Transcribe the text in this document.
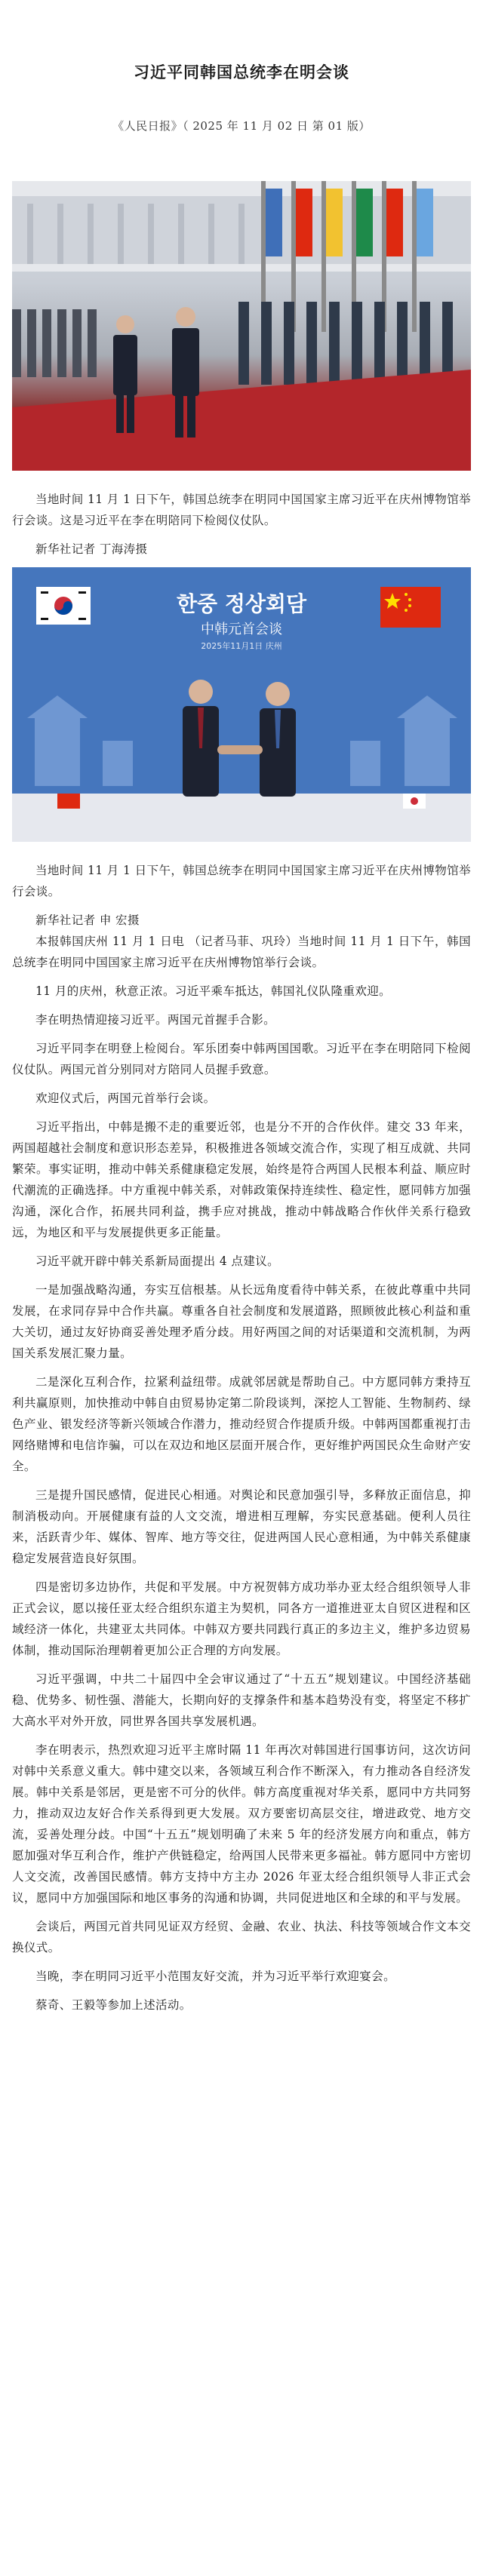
习近平同韩国总统李在明会谈
《人民日报》（ 2025 年 11 月 02 日 第 01 版）

当地时间 11 月 1 日下午，韩国总统李在明同中国国家主席习近平在庆州博物馆举行会谈。这是习近平在李在明陪同下检阅仪仗队。

新华社记者 丁海涛摄

한중 정상회담
中韩元首会谈
2025年11月1日 庆州

当地时间 11 月 1 日下午，韩国总统李在明同中国国家主席习近平在庆州博物馆举行会谈。

新华社记者 申 宏摄

本报韩国庆州 11 月 1 日电 （记者马菲、巩玲）当地时间 11 月 1 日下午，韩国总统李在明同中国国家主席习近平在庆州博物馆举行会谈。

11 月的庆州，秋意正浓。习近平乘车抵达，韩国礼仪队隆重欢迎。

李在明热情迎接习近平。两国元首握手合影。

习近平同李在明登上检阅台。军乐团奏中韩两国国歌。习近平在李在明陪同下检阅仪仗队。两国元首分别同对方陪同人员握手致意。

欢迎仪式后，两国元首举行会谈。

习近平指出，中韩是搬不走的重要近邻，也是分不开的合作伙伴。建交 33 年来，两国超越社会制度和意识形态差异，积极推进各领域交流合作，实现了相互成就、共同繁荣。事实证明，推动中韩关系健康稳定发展，始终是符合两国人民根本利益、顺应时代潮流的正确选择。中方重视中韩关系，对韩政策保持连续性、稳定性，愿同韩方加强沟通，深化合作，拓展共同利益，携手应对挑战，推动中韩战略合作伙伴关系行稳致远，为地区和平与发展提供更多正能量。

习近平就开辟中韩关系新局面提出 4 点建议。

一是加强战略沟通，夯实互信根基。从长远角度看待中韩关系，在彼此尊重中共同发展，在求同存异中合作共赢。尊重各自社会制度和发展道路，照顾彼此核心利益和重大关切，通过友好协商妥善处理矛盾分歧。用好两国之间的对话渠道和交流机制，为两国关系发展汇聚力量。

二是深化互利合作，拉紧利益纽带。成就邻居就是帮助自己。中方愿同韩方秉持互利共赢原则，加快推动中韩自由贸易协定第二阶段谈判，深挖人工智能、生物制药、绿色产业、银发经济等新兴领域合作潜力，推动经贸合作提质升级。中韩两国都重视打击网络赌博和电信诈骗，可以在双边和地区层面开展合作，更好维护两国民众生命财产安全。

三是提升国民感情，促进民心相通。对舆论和民意加强引导，多释放正面信息，抑制消极动向。开展健康有益的人文交流，增进相互理解，夯实民意基础。便利人员往来，活跃青少年、媒体、智库、地方等交往，促进两国人民心意相通，为中韩关系健康稳定发展营造良好氛围。

四是密切多边协作，共促和平发展。中方祝贺韩方成功举办亚太经合组织领导人非正式会议，愿以接任亚太经合组织东道主为契机，同各方一道推进亚太自贸区进程和区域经济一体化，共建亚太共同体。中韩双方要共同践行真正的多边主义，维护多边贸易体制，推动国际治理朝着更加公正合理的方向发展。

习近平强调，中共二十届四中全会审议通过了“十五五”规划建议。中国经济基础稳、优势多、韧性强、潜能大，长期向好的支撑条件和基本趋势没有变，将坚定不移扩大高水平对外开放，同世界各国共享发展机遇。

李在明表示，热烈欢迎习近平主席时隔 11 年再次对韩国进行国事访问，这次访问对韩中关系意义重大。韩中建交以来，各领域互利合作不断深入，有力推动各自经济发展。韩中关系是邻居，更是密不可分的伙伴。韩方高度重视对华关系，愿同中方共同努力，推动双边友好合作关系得到更大发展。双方要密切高层交往，增进政党、地方交流，妥善处理分歧。中国“十五五”规划明确了未来 5 年的经济发展方向和重点，韩方愿加强对华互利合作，维护产供链稳定，给两国人民带来更多福祉。韩方愿同中方密切人文交流，改善国民感情。韩方支持中方主办 2026 年亚太经合组织领导人非正式会议，愿同中方加强国际和地区事务的沟通和协调，共同促进地区和全球的和平与发展。

会谈后，两国元首共同见证双方经贸、金融、农业、执法、科技等领域合作文本交换仪式。

当晚，李在明同习近平小范围友好交流，并为习近平举行欢迎宴会。

蔡奇、王毅等参加上述活动。
